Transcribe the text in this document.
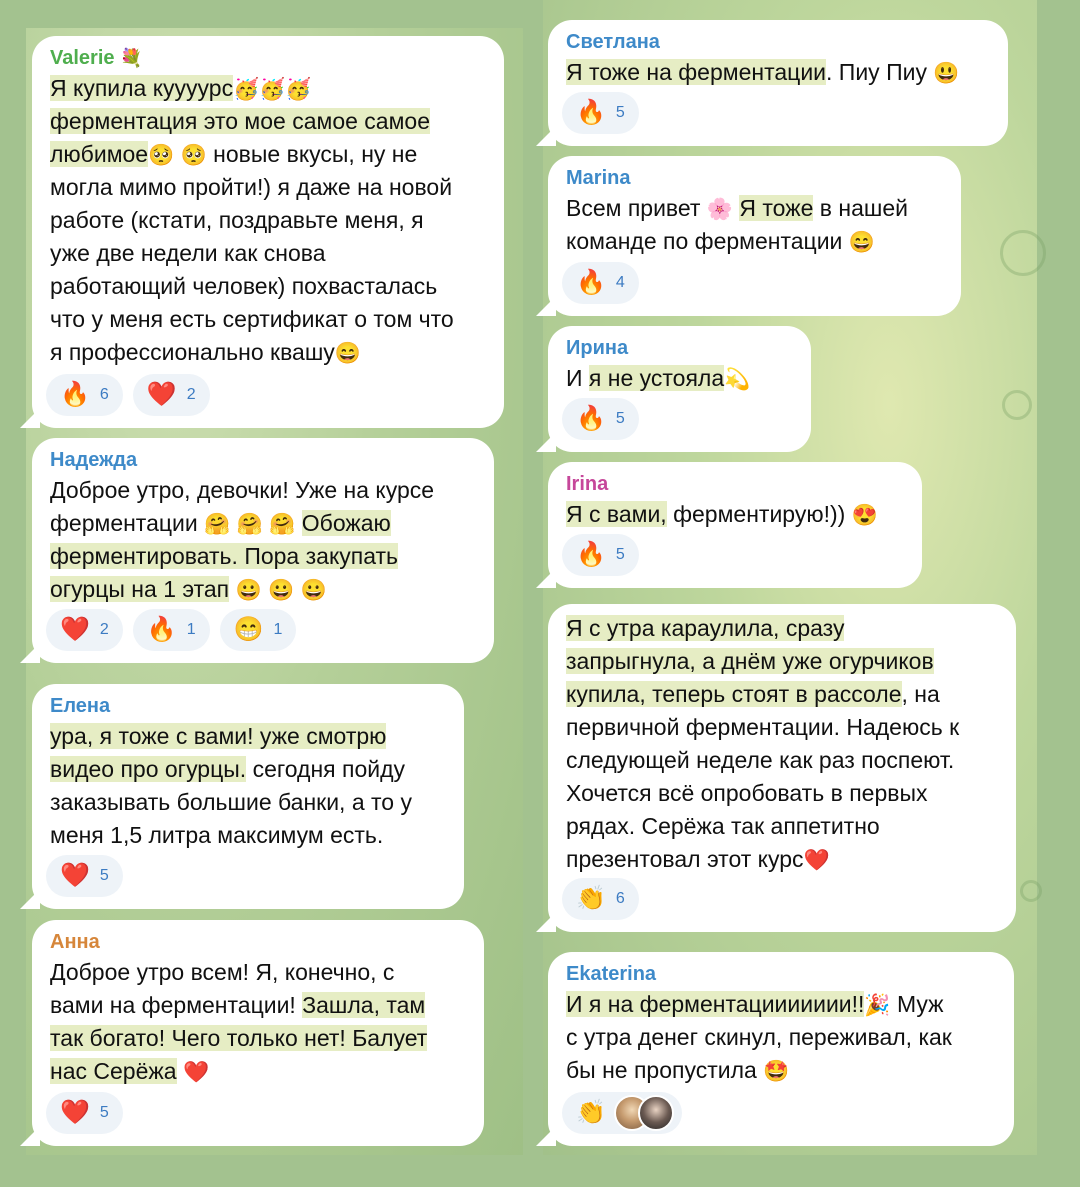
Valerie 💐

Я купила куууурс🥳🥳🥳
ферментация это мое самое самое
любимое🥺 🥺 новые вкусы, ну не
могла мимо пройти!) я даже на новой
работе (кстати, поздравьте меня, я
уже две недели как снова
работающий человек) похвасталась
что у меня есть сертификат о том что
я профессионально квашу😄
🔥 6 ❤️ 2

Надежда

Доброе утро, девочки! Уже на курсе
ферментации 🤗 🤗 🤗 Обожаю
ферментировать. Пора закупать
огурцы на 1 этап 😀 😀 😀
❤️ 2 🔥 1 😁 1

Елена

ура, я тоже с вами! уже смотрю
видео про огурцы. сегодня пойду
заказывать большие банки, а то у
меня 1,5 литра максимум есть.
❤️ 5

Анна

Доброе утро всем! Я, конечно, с
вами на ферментации! Зашла, там
так богато! Чего только нет! Балует
нас Серёжа ❤️
❤️ 5

Светлана

Я тоже на ферментации. Пиу Пиу 😃
🔥 5

Marina

Всем привет 🌸 Я тоже в нашей
команде по ферментации 😄
🔥 4

Ирина

И я не устояла💫
🔥 5

Irina

Я с вами, ферментирую!)) 😍
🔥 5
Я с утра караулила, сразу
запрыгнула, а днём уже огурчиков
купила, теперь стоят в рассоле, на
первичной ферментации. Надеюсь к
следующей неделе как раз поспеют.
Хочется всё опробовать в первых
рядах. Серёжа так аппетитно
презентовал этот курс❤️
👏 6

Ekaterina

И я на ферментациииииии!!🎉 Муж
с утра денег скинул, переживал, как
бы не пропустила 🤩
👏
